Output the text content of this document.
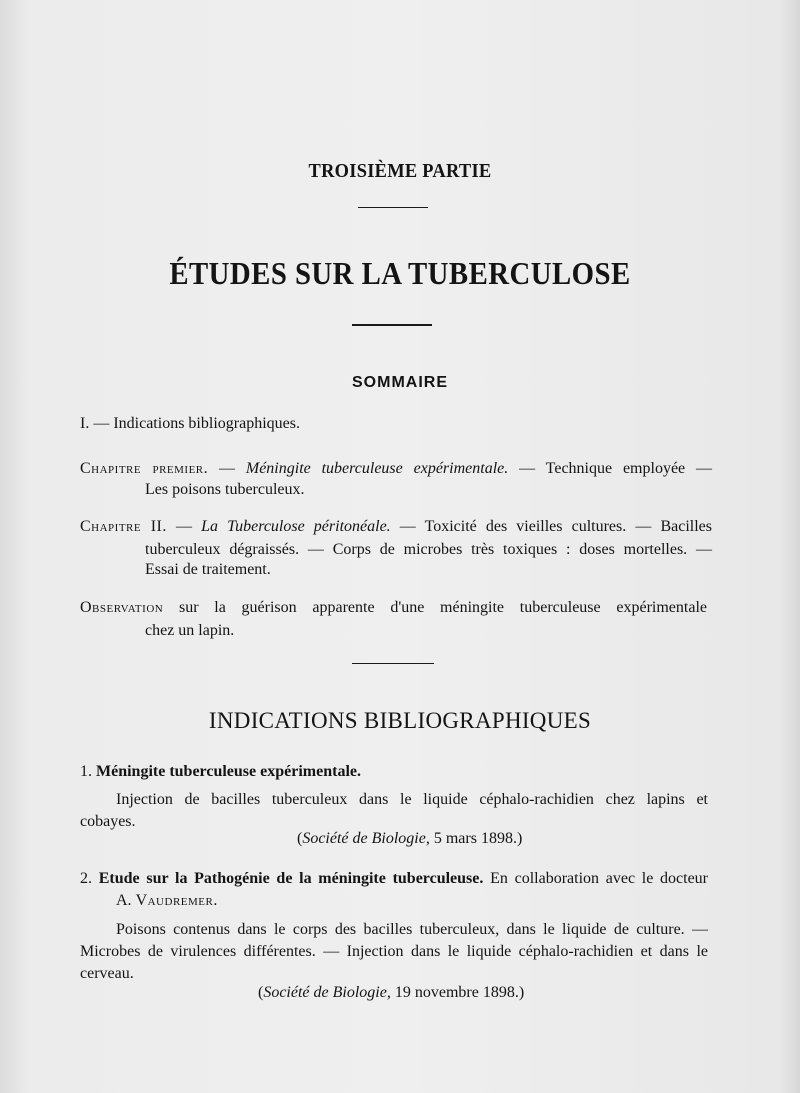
TROISIÈME PARTIE
ÉTUDES SUR LA TUBERCULOSE
SOMMAIRE
I. — Indications bibliographiques.
Chapitre premier. — Méningite tuberculeuse expérimentale. — Technique employée —
Les poisons tuberculeux.
Chapitre II. — La Tuberculose péritonéale. — Toxicité des vieilles cultures. — Bacilles
tuberculeux dégraissés. — Corps de microbes très toxiques : doses mortelles. —
Essai de traitement.
Observation sur la guérison apparente d'une méningite tuberculeuse expérimentale
chez un lapin.
INDICATIONS BIBLIOGRAPHIQUES
1. Méningite tuberculeuse expérimentale.
Injection de bacilles tuberculeux dans le liquide céphalo-rachidien chez lapins et
cobayes.
(Société de Biologie, 5 mars 1898.)
2. Etude sur la Pathogénie de la méningite tuberculeuse. En collaboration avec le docteur
A. Vaudremer.
Poisons contenus dans le corps des bacilles tuberculeux, dans le liquide de culture. —
Microbes de virulences différentes. — Injection dans le liquide céphalo-rachidien et dans le
cerveau.
(Société de Biologie, 19 novembre 1898.)
